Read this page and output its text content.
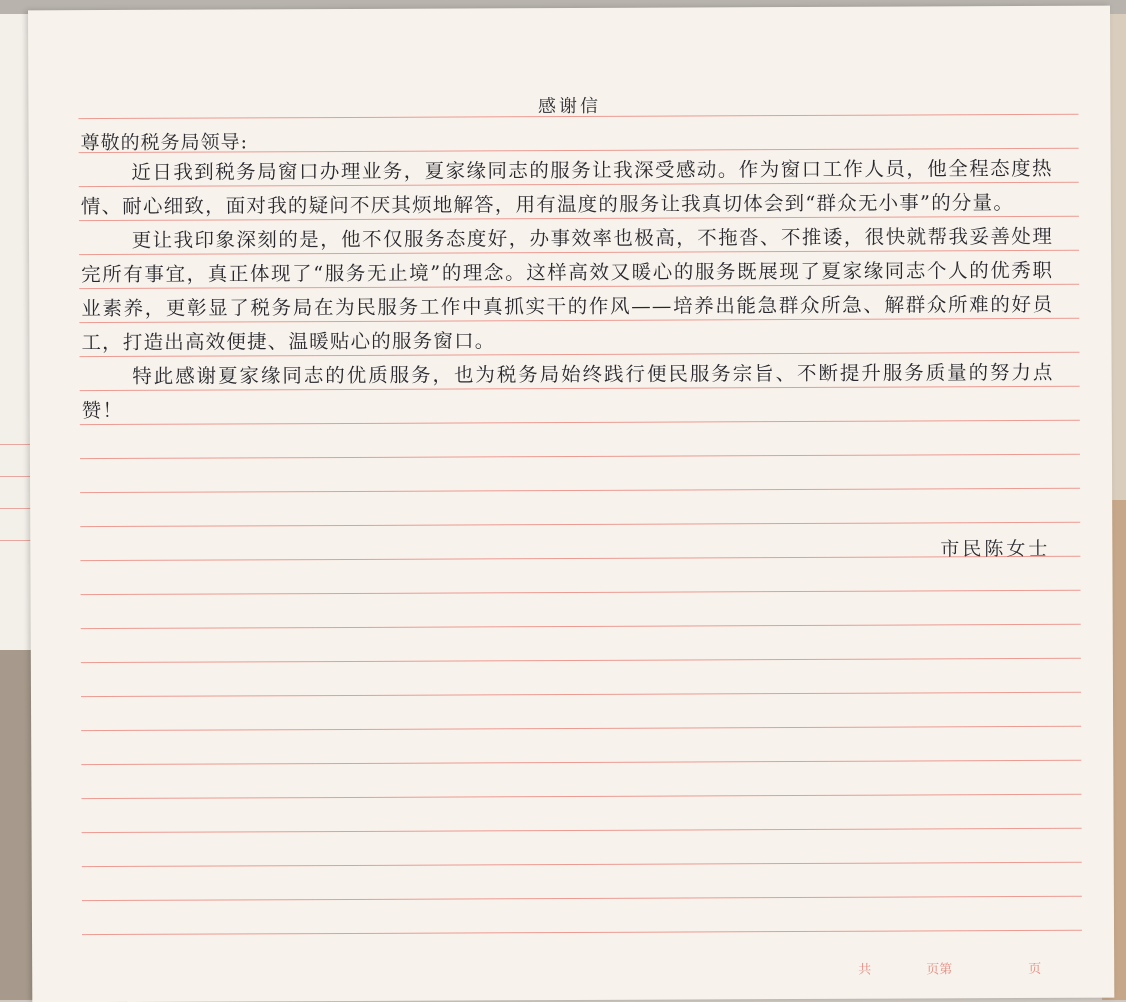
感谢信
尊敬的税务局领导:

近日我到税务局窗口办理业务，夏家缘同志的服务让我深受感动。作为窗口工作人员，他全程态度热情、耐心细致，面对我的疑问不厌其烦地解答，用有温度的服务让我真切体会到“群众无小事”的分量。

更让我印象深刻的是，他不仅服务态度好，办事效率也极高，不拖沓、不推诿，很快就帮我妥善处理完所有事宜，真正体现了“服务无止境”的理念。这样高效又暖心的服务既展现了夏家缘同志个人的优秀职业素养，更彰显了税务局在为民服务工作中真抓实干的作风——培养出能急群众所急、解群众所难的好员工，打造出高效便捷、温暖贴心的服务窗口。

特此感谢夏家缘同志的优质服务，也为税务局始终践行便民服务宗旨、不断提升服务质量的努力点赞！

市民陈女士
共	页第	页
